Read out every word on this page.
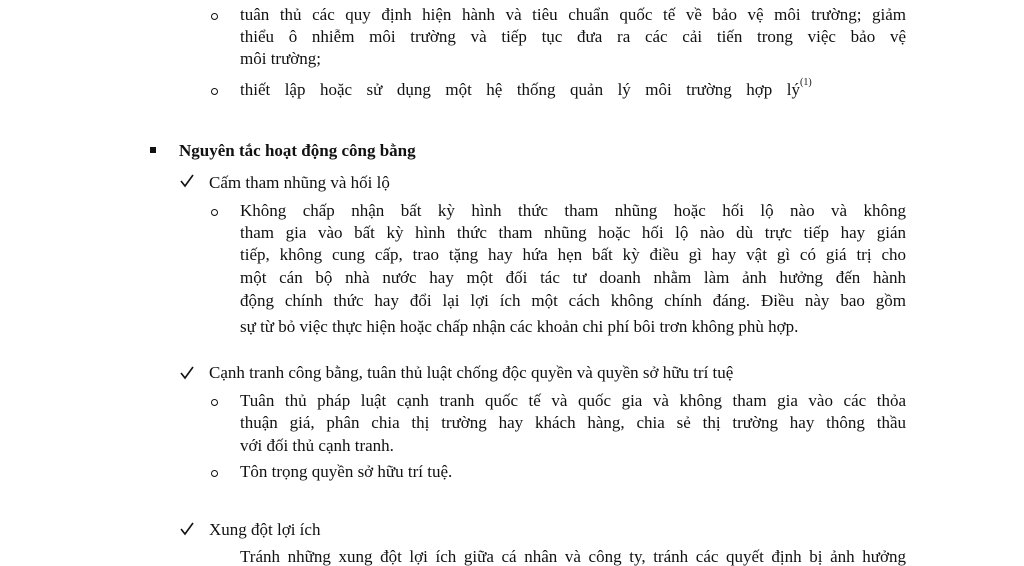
tuân thủ các quy định hiện hành và tiêu chuẩn quốc tế về bảo vệ môi trường; giảm
thiểu ô nhiễm môi trường và tiếp tục đưa ra các cải tiến trong việc bảo vệ
môi trường;
thiết lập hoặc sử dụng một hệ thống quản lý môi trường hợp $lý^{(1)}$
Nguyên tắc hoạt động công bằng
Cấm tham nhũng và hối lộ
Không chấp nhận bất kỳ hình thức tham nhũng hoặc hối lộ nào và không
tham gia vào bất kỳ hình thức tham nhũng hoặc hối lộ nào dù trực tiếp hay gián
tiếp, không cung cấp, trao tặng hay hứa hẹn bất kỳ điều gì hay vật gì có giá trị cho
một cán bộ nhà nước hay một đối tác tư doanh nhằm làm ảnh hưởng đến hành
động chính thức hay đổi lại lợi ích một cách không chính đáng. Điều này bao gồm
sự từ bỏ việc thực hiện hoặc chấp nhận các khoản chi phí bôi trơn không phù hợp.
Cạnh tranh công bằng, tuân thủ luật chống độc quyền và quyền sở hữu trí tuệ
Tuân thủ pháp luật cạnh tranh quốc tế và quốc gia và không tham gia vào các thỏa
thuận giá, phân chia thị trường hay khách hàng, chia sẻ thị trường hay thông thầu
với đối thủ cạnh tranh.
Tôn trọng quyền sở hữu trí tuệ.
Xung đột lợi ích
Tránh những xung đột lợi ích giữa cá nhân và công ty, tránh các quyết định bị ảnh hưởng
